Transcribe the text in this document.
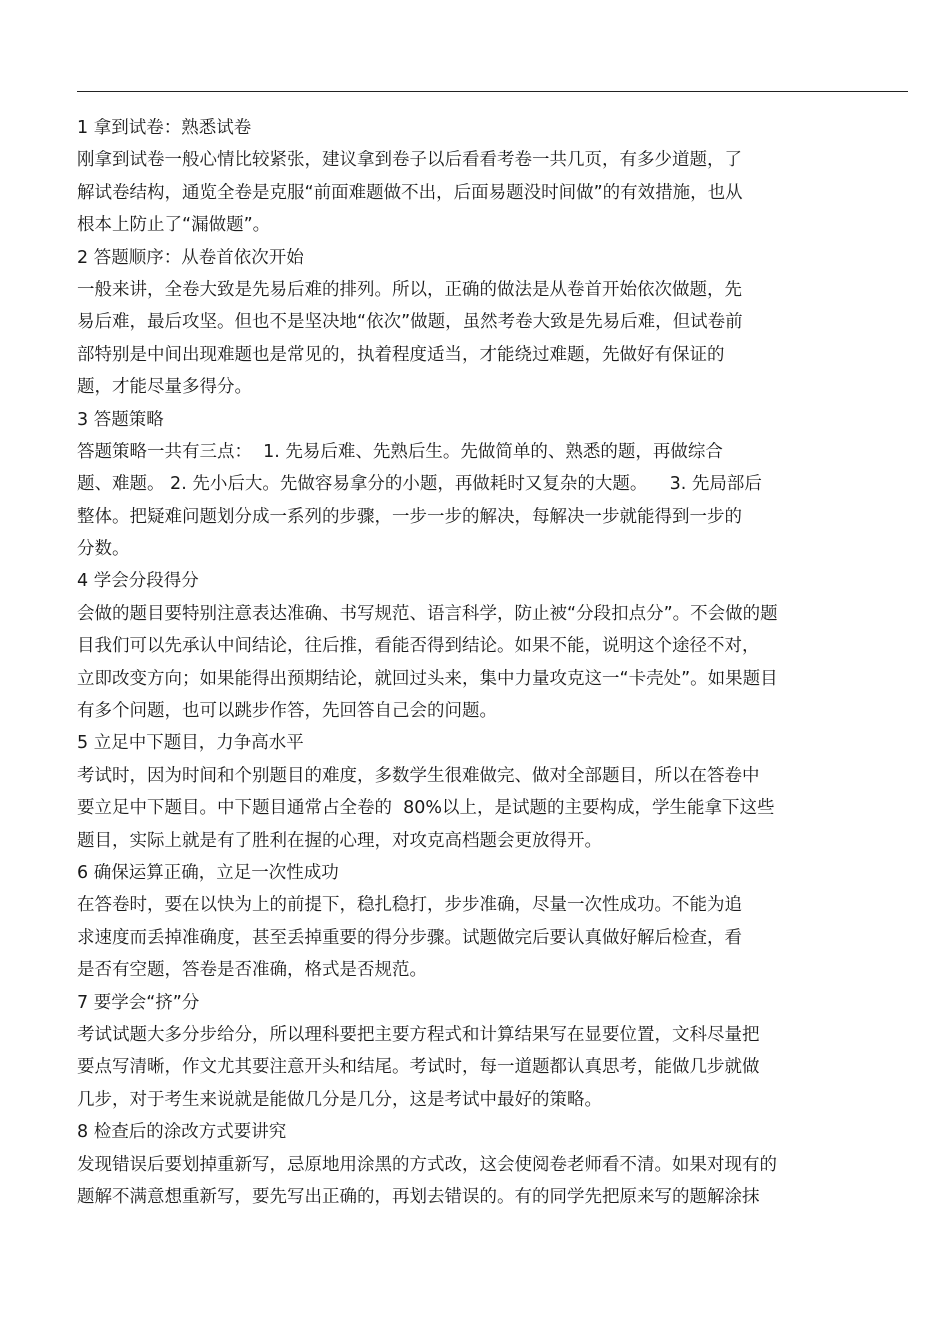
1 拿到试卷：熟悉试卷
刚拿到试卷一般心情比较紧张，建议拿到卷子以后看看考卷一共几页，有多少道题，了
解试卷结构，通览全卷是克服“前面难题做不出，后面易题没时间做”的有效措施，也从
根本上防止了“漏做题”。
2 答题顺序：从卷首依次开始
一般来讲，全卷大致是先易后难的排列。所以，正确的做法是从卷首开始依次做题，先
易后难，最后攻坚。但也不是坚决地“依次”做题，虽然考卷大致是先易后难，但试卷前
部特别是中间出现难题也是常见的，执着程度适当，才能绕过难题，先做好有保证的
题，才能尽量多得分。
3 答题策略
答题策略一共有三点：  1. 先易后难、先熟后生。先做简单的、熟悉的题，再做综合
题、难题。 2. 先小后大。先做容易拿分的小题，再做耗时又复杂的大题。    3. 先局部后
整体。把疑难问题划分成一系列的步骤，一步一步的解决，每解决一步就能得到一步的
分数。
4 学会分段得分
会做的题目要特别注意表达准确、书写规范、语言科学，防止被“分段扣点分”。不会做的题
目我们可以先承认中间结论，往后推，看能否得到结论。如果不能，说明这个途径不对，
立即改变方向；如果能得出预期结论，就回过头来，集中力量攻克这一“卡壳处”。如果题目
有多个问题，也可以跳步作答，先回答自己会的问题。
5 立足中下题目，力争高水平
考试时，因为时间和个别题目的难度，多数学生很难做完、做对全部题目，所以在答卷中
要立足中下题目。中下题目通常占全卷的  80%以上，是试题的主要构成，学生能拿下这些
题目，实际上就是有了胜利在握的心理，对攻克高档题会更放得开。
6 确保运算正确，立足一次性成功
在答卷时，要在以快为上的前提下，稳扎稳打，步步准确，尽量一次性成功。不能为追
求速度而丢掉准确度，甚至丢掉重要的得分步骤。试题做完后要认真做好解后检查，看
是否有空题，答卷是否准确，格式是否规范。
7 要学会“挤”分
考试试题大多分步给分，所以理科要把主要方程式和计算结果写在显要位置，文科尽量把
要点写清晰，作文尤其要注意开头和结尾。考试时，每一道题都认真思考，能做几步就做
几步，对于考生来说就是能做几分是几分，这是考试中最好的策略。
8 检查后的涂改方式要讲究
发现错误后要划掉重新写，忌原地用涂黑的方式改，这会使阅卷老师看不清。如果对现有的
题解不满意想重新写，要先写出正确的，再划去错误的。有的同学先把原来写的题解涂抹
